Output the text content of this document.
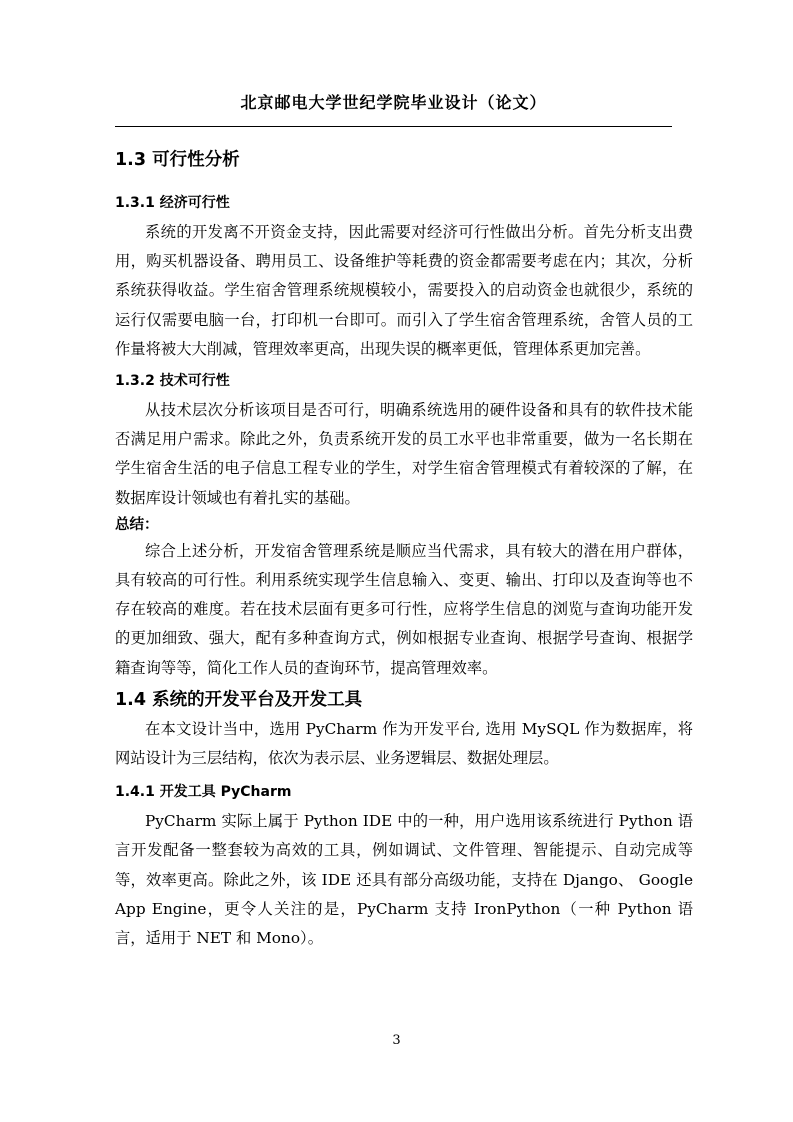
北京邮电大学世纪学院毕业设计（论文）
1.3 可行性分析
1.3.1 经济可行性

系统的开发离不开资金支持，因此需要对经济可行性做出分析。首先分析支出费用，购买机器设备、聘用员工、设备维护等耗费的资金都需要考虑在内；其次，分析系统获得收益。学生宿舍管理系统规模较小，需要投入的启动资金也就很少，系统的运行仅需要电脑一台，打印机一台即可。而引入了学生宿舍管理系统，舍管人员的工作量将被大大削减，管理效率更高，出现失误的概率更低，管理体系更加完善。

1.3.2 技术可行性

从技术层次分析该项目是否可行，明确系统选用的硬件设备和具有的软件技术能否满足用户需求。除此之外，负责系统开发的员工水平也非常重要，做为一名长期在学生宿舍生活的电子信息工程专业的学生，对学生宿舍管理模式有着较深的了解，在数据库设计领域也有着扎实的基础。

总结：

综合上述分析，开发宿舍管理系统是顺应当代需求，具有较大的潜在用户群体，具有较高的可行性。利用系统实现学生信息输入、变更、输出、打印以及查询等也不存在较高的难度。若在技术层面有更多可行性，应将学生信息的浏览与查询功能开发的更加细致、强大，配有多种查询方式，例如根据专业查询、根据学号查询、根据学籍查询等等，简化工作人员的查询环节，提高管理效率。

1.4 系统的开发平台及开发工具

在本文设计当中，选用 PyCharm 作为开发平台, 选用 MySQL 作为数据库，将网站设计为三层结构，依次为表示层、业务逻辑层、数据处理层。

1.4.1 开发工具 PyCharm

PyCharm 实际上属于 Python IDE 中的一种，用户选用该系统进行 Python 语言开发配备一整套较为高效的工具，例如调试、文件管理、智能提示、自动完成等等，效率更高。除此之外，该 IDE 还具有部分高级功能，支持在 Django、 Google App Engine，更令人关注的是，PyCharm 支持 IronPython（一种 Python 语言，适用于 NET 和 Mono）。

3
